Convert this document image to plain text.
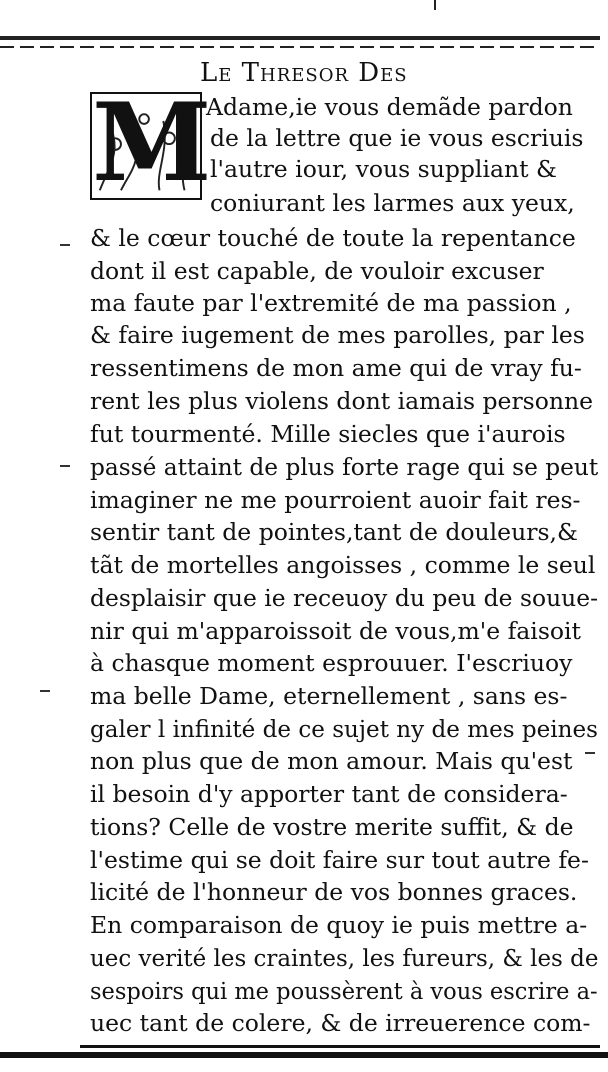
Le Thresor Des
M
Adame,ie vous demãde pardon
de la lettre que ie vous escriuis
l'autre iour, vous suppliant &
coniurant les larmes aux yeux,
& le cœur touché de toute la repentance
dont il est capable, de vouloir excuser
ma faute par l'extremité de ma passion ,
& faire iugement de mes parolles, par les
ressentimens de mon ame qui de vray fu-
rent les plus violens dont iamais personne
fut tourmenté. Mille siecles que i'aurois
passé attaint de plus forte rage qui se peut
imaginer ne me pourroient auoir fait res-
sentir tant de pointes,tant de douleurs,&
tãt de mortelles angoisses , comme le seul
desplaisir que ie receuoy du peu de souue-
nir qui m'apparoissoit de vous,m'e faisoit
à chasque moment esprouuer. I'escriuoy
ma belle Dame, eternellement , sans es-
galer l infinité de ce sujet ny de mes peines
non plus que de mon amour. Mais qu'est
il besoin d'y apporter tant de considera-
tions? Celle de vostre merite suffit, & de
l'estime qui se doit faire sur tout autre fe-
licité de l'honneur de vos bonnes graces.
En comparaison de quoy ie puis mettre a-
uec verité les craintes, les fureurs, & les de
sespoirs qui me poussèrent à vous escrire a-
uec tant de colere, & de irreuerence com-
